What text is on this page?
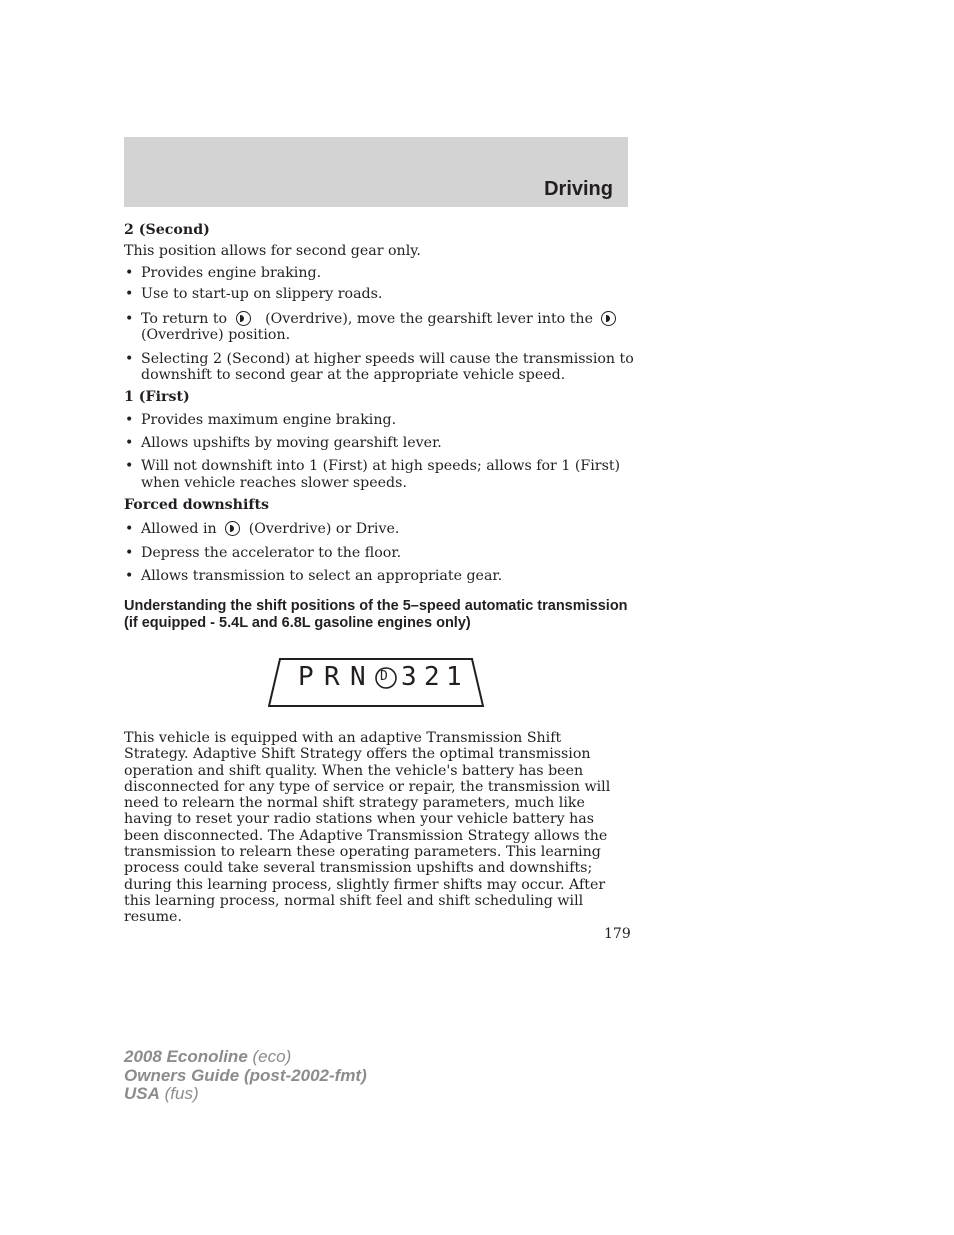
Driving

2 (Second)

This position allows for second gear only.

• Provides engine braking.
• Use to start-up on slippery roads.
• To return to	(Overdrive), move the gearshift lever into the
(Overdrive) position.
• Selecting 2 (Second) at higher speeds will cause the transmission to downshift to second gear at the appropriate vehicle speed.

1 (First)

• Provides maximum engine braking.
• Allows upshifts by moving gearshift lever.
• Will not downshift into 1 (First) at high speeds; allows for 1 (First) when vehicle reaches slower speeds.

Forced downshifts

• Allowed in (Overdrive) or Drive.
• Depress the accelerator to the floor.
• Allows transmission to select an appropriate gear.

Understanding the shift positions of the 5–speed automatic transmission (if equipped - 5.4L and 6.8L gasoline engines only)

P R N D 3 2 1

This vehicle is equipped with an adaptive Transmission Shift Strategy. Adaptive Shift Strategy offers the optimal transmission operation and shift quality. When the vehicle's battery has been disconnected for any type of service or repair, the transmission will need to relearn the normal shift strategy parameters, much like having to reset your radio stations when your vehicle battery has been disconnected. The Adaptive Transmission Strategy allows the transmission to relearn these operating parameters. This learning process could take several transmission upshifts and downshifts; during this learning process, slightly firmer shifts may occur. After this learning process, normal shift feel and shift scheduling will resume.

179
2008 Econoline (eco)
Owners Guide (post-2002-fmt)
USA (fus)
